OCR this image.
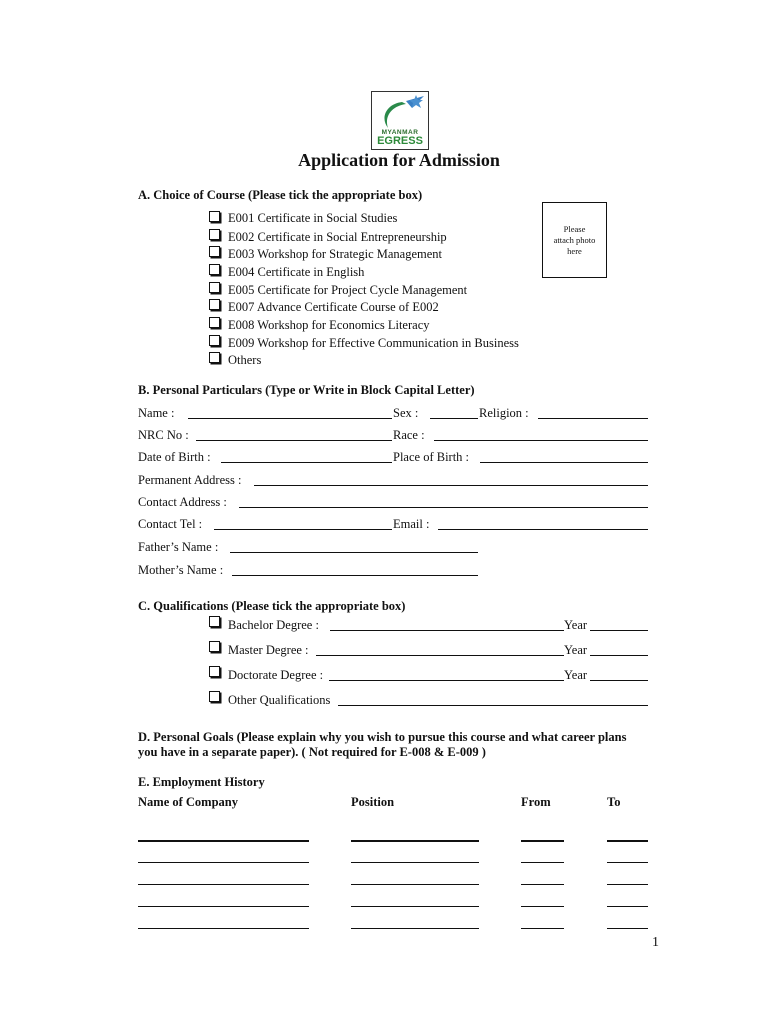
MYANMAR
EGRESS
Application for Admission
A. Choice of Course (Please tick the appropriate box)
Please attach photo here
E001 Certificate in Social Studies
E002 Certificate in Social Entrepreneurship
E003 Workshop for Strategic Management
E004 Certificate in English
E005 Certificate for Project Cycle Management
E007 Advance Certificate Course of E002
E008 Workshop for Economics Literacy
E009 Workshop for Effective Communication in Business
Others
B. Personal Particulars (Type or Write in Block Capital Letter)
Name :	Sex :	Religion :
NRC No :	Race :
Date of Birth :	Place of Birth :
Permanent Address :
Contact Address :
Contact Tel :	Email :
Father’s Name :
Mother’s Name :
C. Qualifications (Please tick the appropriate box)
Bachelor Degree :	Year
Master Degree :	Year
Doctorate Degree :	Year
Other Qualifications
D. Personal Goals (Please explain why you wish to pursue this course and what career plans
you have in a separate paper). ( Not required for E-008 & E-009 )
E. Employment History
Name of Company	Position	From	To
1
